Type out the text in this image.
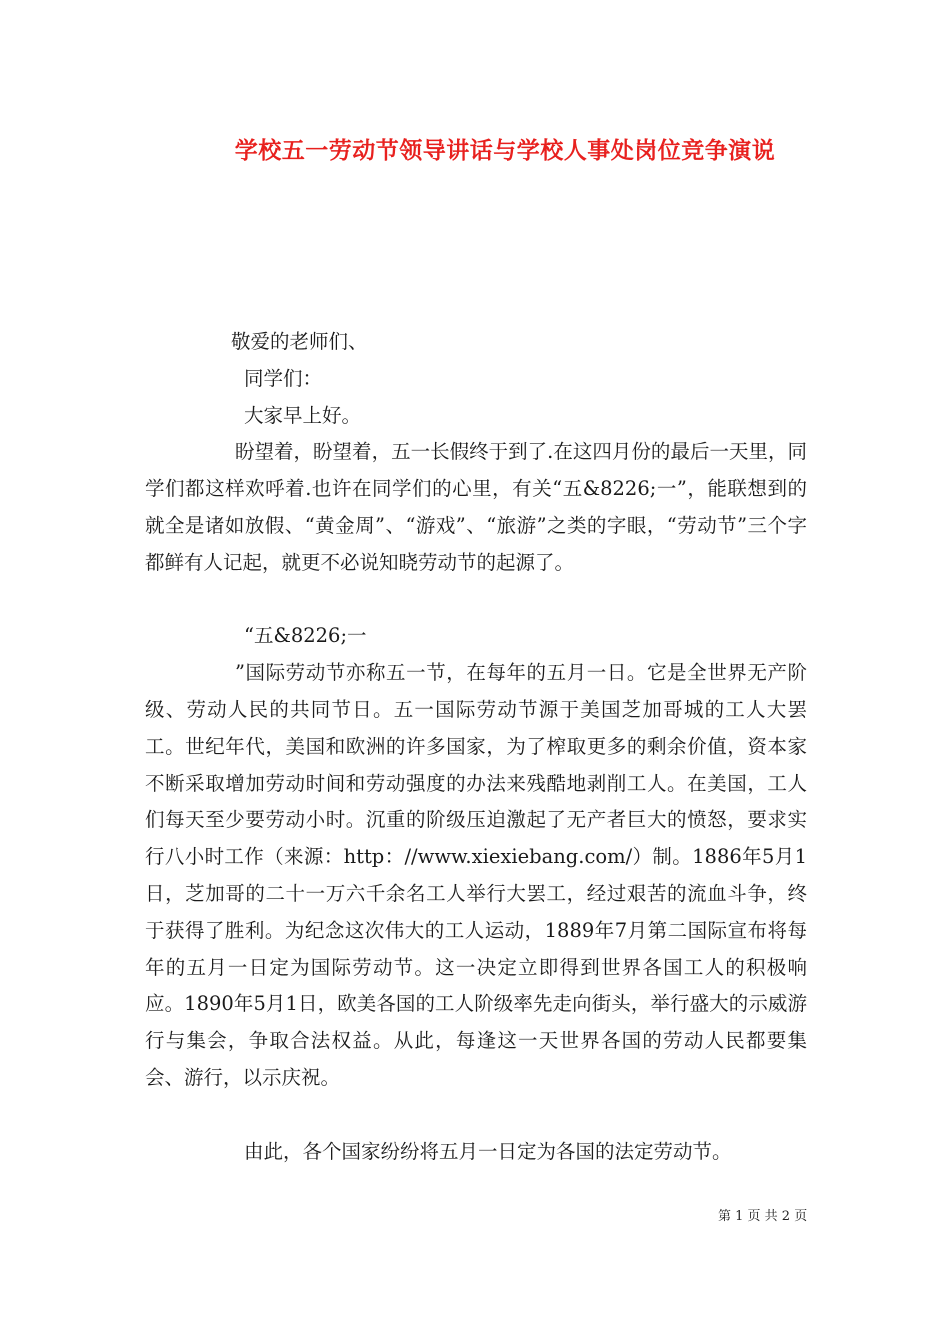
学校五一劳动节领导讲话与学校人事处岗位竞争演说
敬爱的老师们、
同学们：
大家早上好。
盼望着，盼望着，五一长假终于到了.在这四月份的最后一天里，同学们都这样欢呼着.也许在同学们的心里，有关“五&8226;一”，能联想到的就全是诸如放假、“黄金周”、“游戏”、“旅游”之类的字眼，“劳动节”三个字都鲜有人记起，就更不必说知晓劳动节的起源了。
“五&8226;一
”国际劳动节亦称五一节，在每年的五月一日。它是全世界无产阶级、劳动人民的共同节日。五一国际劳动节源于美国芝加哥城的工人大罢工。世纪年代，美国和欧洲的许多国家，为了榨取更多的剩余价值，资本家不断采取增加劳动时间和劳动强度的办法来残酷地剥削工人。在美国，工人们每天至少要劳动小时。沉重的阶级压迫激起了无产者巨大的愤怒，要求实行八小时工作（来源：http：//www.xiexiebang.com/）制。1886年5月1日，芝加哥的二十一万六千余名工人举行大罢工，经过艰苦的流血斗争，终于获得了胜利。为纪念这次伟大的工人运动，1889年7月第二国际宣布将每年的五月一日定为国际劳动节。这一决定立即得到世界各国工人的积极响应。1890年5月1日，欧美各国的工人阶级率先走向街头，举行盛大的示威游行与集会，争取合法权益。从此，每逢这一天世界各国的劳动人民都要集会、游行，以示庆祝。
由此，各个国家纷纷将五月一日定为各国的法定劳动节。
第 1 页 共 2 页
